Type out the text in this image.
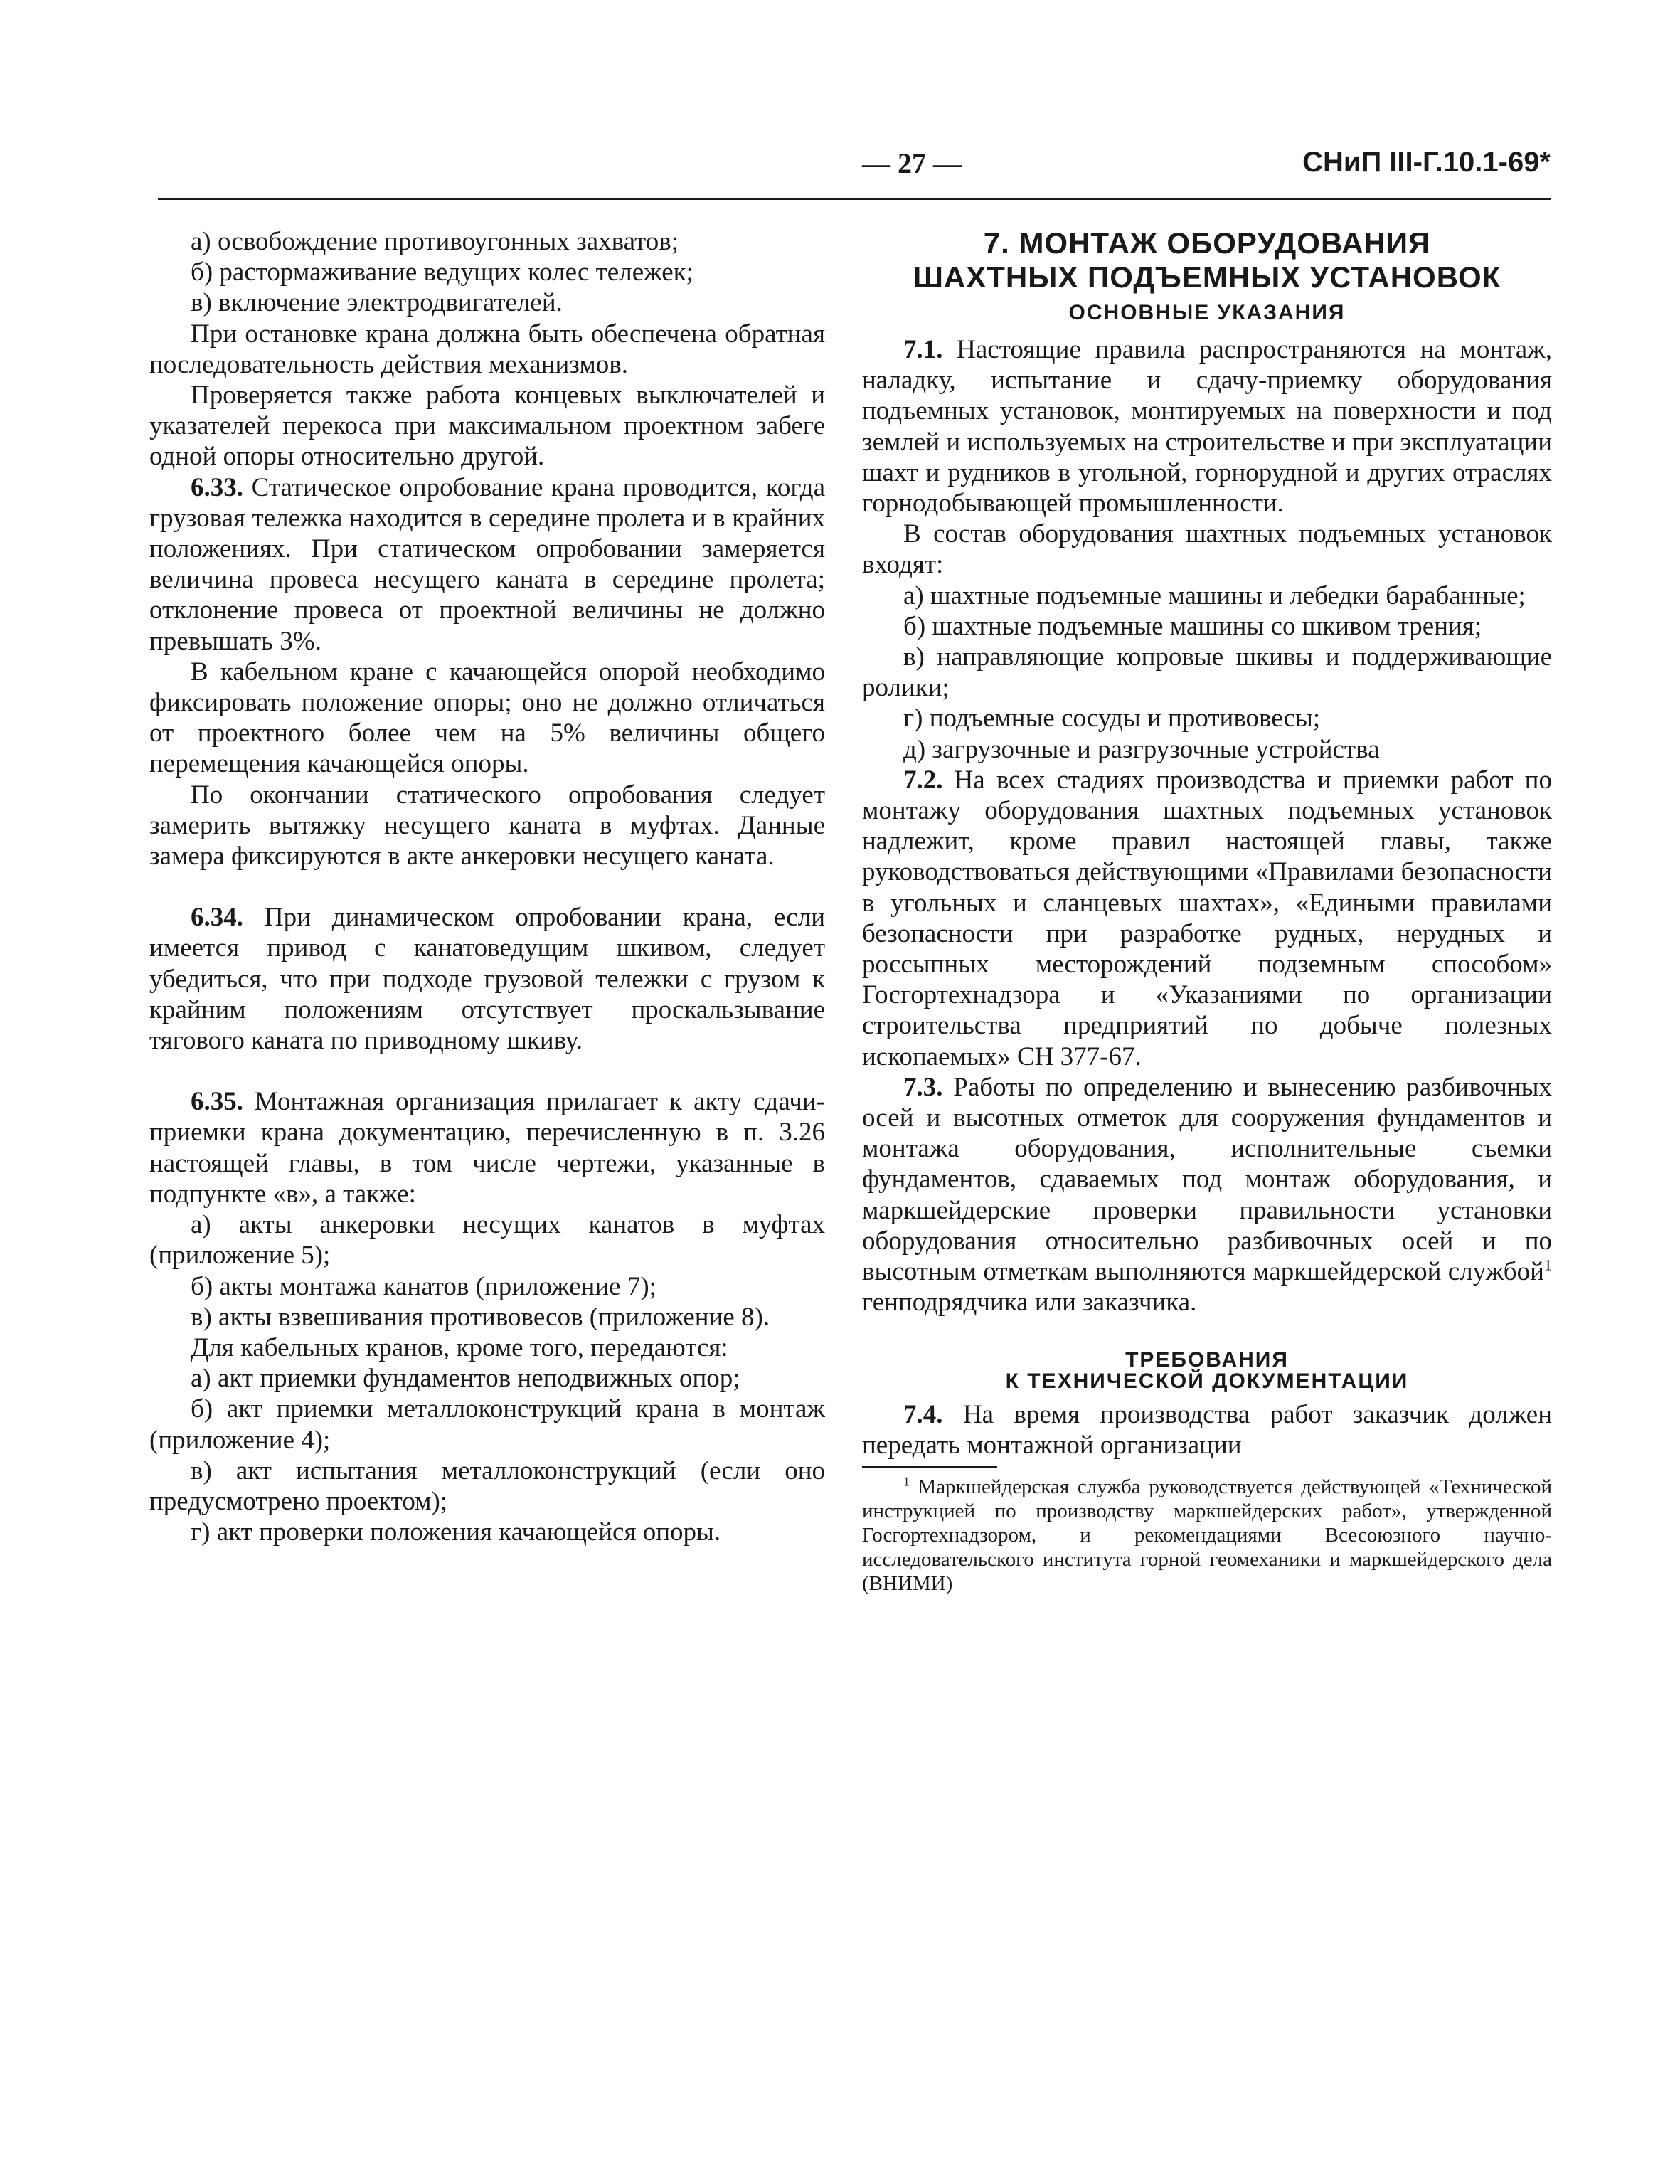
— 27 —	СНиП III-Г.10.1-69*

а) освобождение противоугонных захватов;

б) растормаживание ведущих колес тележек;

в) включение электродвигателей.

При остановке крана должна быть обеспечена обратная последовательность действия механизмов.

Проверяется также работа концевых выключателей и указателей перекоса при максимальном проектном забеге одной опоры относительно другой.

6.33. Статическое опробование крана проводится, когда грузовая тележка находится в середине пролета и в крайних положениях. При статическом опробовании замеряется величина провеса несущего каната в середине пролета; отклонение провеса от проектной величины не должно превышать 3%.

В кабельном кране с качающейся опорой необходимо фиксировать положение опоры; оно не должно отличаться от проектного более чем на 5% величины общего перемещения качающейся опоры.

По окончании статического опробования следует замерить вытяжку несущего каната в муфтах. Данные замера фиксируются в акте анкеровки несущего каната.

6.34. При динамическом опробовании крана, если имеется привод с канатоведущим шкивом, следует убедиться, что при подходе грузовой тележки с грузом к крайним положениям отсутствует проскальзывание тягового каната по приводному шкиву.

6.35. Монтажная организация прилагает к акту сдачи-приемки крана документацию, перечисленную в п. 3.26 настоящей главы, в том числе чертежи, указанные в подпункте «в», а также:

а) акты анкеровки несущих канатов в муфтах (приложение 5);

б) акты монтажа канатов (приложение 7);

в) акты взвешивания противовесов (приложение 8).

Для кабельных кранов, кроме того, передаются:

а) акт приемки фундаментов неподвижных опор;

б) акт приемки металлоконструкций крана в монтаж (приложение 4);

в) акт испытания металлоконструкций (если оно предусмотрено проектом);

г) акт проверки положения качающейся опоры.

7. МОНТАЖ ОБОРУДОВАНИЯ
ШАХТНЫХ ПОДЪЕМНЫХ УСТАНОВОК
ОСНОВНЫЕ УКАЗАНИЯ

7.1. Настоящие правила распространяются на монтаж, наладку, испытание и сдачу-приемку оборудования подъемных установок, монтируемых на поверхности и под землей и используемых на строительстве и при эксплуатации шахт и рудников в угольной, горнорудной и других отраслях горнодобывающей промышленности.

В состав оборудования шахтных подъемных установок входят:

а) шахтные подъемные машины и лебедки барабанные;

б) шахтные подъемные машины со шкивом трения;

в) направляющие копровые шкивы и поддерживающие ролики;

г) подъемные сосуды и противовесы;

д) загрузочные и разгрузочные устройства

7.2. На всех стадиях производства и приемки работ по монтажу оборудования шахтных подъемных установок надлежит, кроме правил настоящей главы, также руководствоваться действующими «Правилами безопасности в угольных и сланцевых шахтах», «Едиными правилами безопасности при разработке рудных, нерудных и россыпных месторождений подземным способом» Госгортехнадзора и «Указаниями по организации строительства предприятий по добыче полезных ископаемых» СН 377-67.

7.3. Работы по определению и вынесению разбивочных осей и высотных отметок для сооружения фундаментов и монтажа оборудования, исполнительные съемки фундаментов, сдаваемых под монтаж оборудования, и маркшейдерские проверки правильности установки оборудования относительно разбивочных осей и по высотным отметкам выполняются маркшейдерской службой$^1$ генподрядчика или заказчика.

ТРЕБОВАНИЯ
К ТЕХНИЧЕСКОЙ ДОКУМЕНТАЦИИ

7.4. На время производства работ заказчик должен передать монтажной организации

$^1$ Маркшейдерская служба руководствуется действующей «Технической инструкцией по производству маркшейдерских работ», утвержденной Госгортехнадзором, и рекомендациями Всесоюзного научно-исследовательского института горной геомеханики и маркшейдерского дела (ВНИМИ)
